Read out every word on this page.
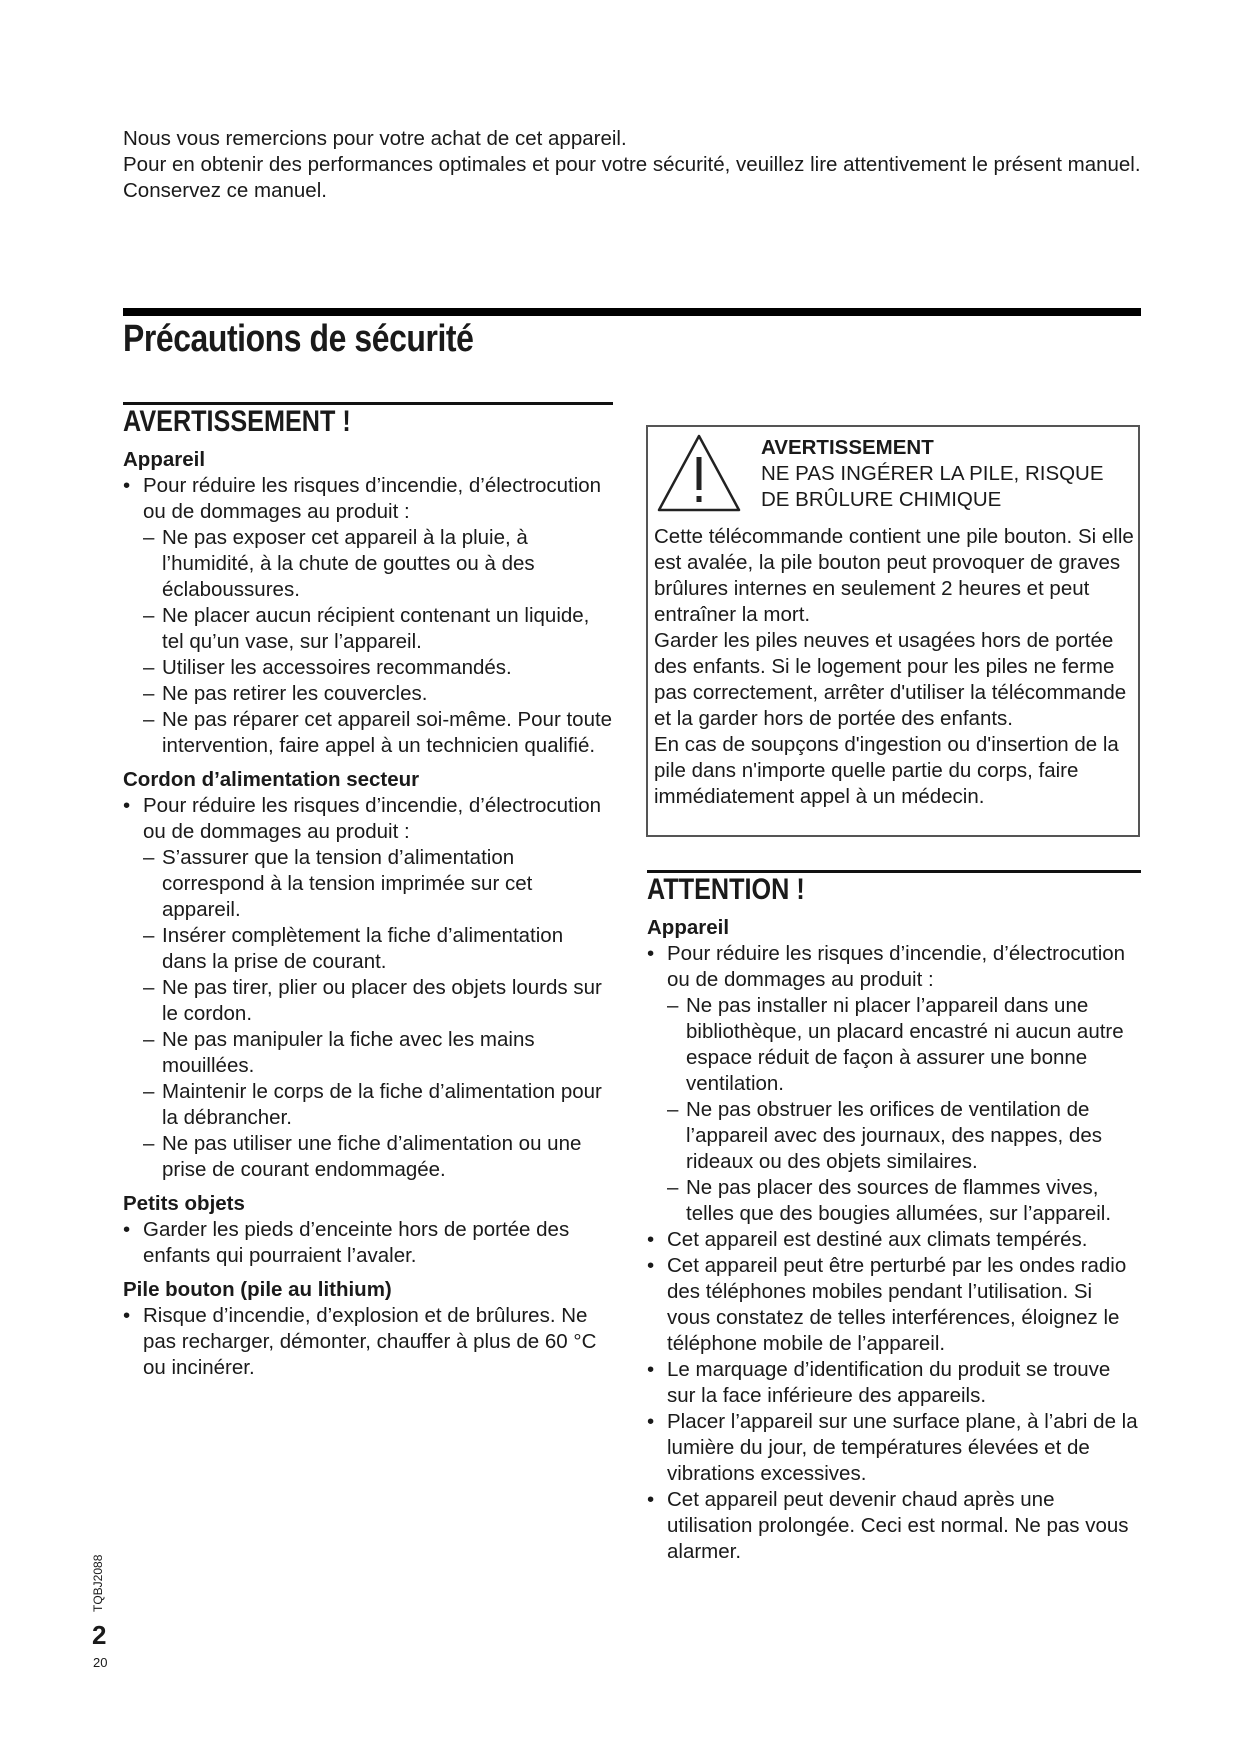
Nous vous remercions pour votre achat de cet appareil.

Pour en obtenir des performances optimales et pour votre sécurité, veuillez lire attentivement le présent manuel.

Conservez ce manuel.

Précautions de sécurité
AVERTISSEMENT !
Appareil
• Pour réduire les risques d’incendie, d’électrocution ou de dommages au produit :
– Ne pas exposer cet appareil à la pluie, à l’humidité, à la chute de gouttes ou à des éclaboussures.
– Ne placer aucun récipient contenant un liquide, tel qu’un vase, sur l’appareil.
– Utiliser les accessoires recommandés.
– Ne pas retirer les couvercles.
– Ne pas réparer cet appareil soi-même. Pour toute intervention, faire appel à un technicien qualifié.
Cordon d’alimentation secteur
• Pour réduire les risques d’incendie, d’électrocution ou de dommages au produit :
– S’assurer que la tension d’alimentation correspond à la tension imprimée sur cet appareil.
– Insérer complètement la fiche d’alimentation dans la prise de courant.
– Ne pas tirer, plier ou placer des objets lourds sur le cordon.
– Ne pas manipuler la fiche avec les mains mouillées.
– Maintenir le corps de la fiche d’alimentation pour la débrancher.
– Ne pas utiliser une fiche d’alimentation ou une prise de courant endommagée.
Petits objets
• Garder les pieds d’enceinte hors de portée des enfants qui pourraient l’avaler.
Pile bouton (pile au lithium)
• Risque d’incendie, d’explosion et de brûlures. Ne pas recharger, démonter, chauffer à plus de 60 °C ou incinérer.
AVERTISSEMENT
NE PAS INGÉRER LA PILE, RISQUE
DE BRÛLURE CHIMIQUE

Cette télécommande contient une pile bouton. Si elle est avalée, la pile bouton peut provoquer de graves brûlures internes en seulement 2 heures et peut entraîner la mort.

Garder les piles neuves et usagées hors de portée des enfants. Si le logement pour les piles ne ferme pas correctement, arrêter d'utiliser la télécommande et la garder hors de portée des enfants.

En cas de soupçons d'ingestion ou d'insertion de la pile dans n'importe quelle partie du corps, faire immédiatement appel à un médecin.

ATTENTION !
Appareil
• Pour réduire les risques d’incendie, d’électrocution ou de dommages au produit :
– Ne pas installer ni placer l’appareil dans une bibliothèque, un placard encastré ni aucun autre espace réduit de façon à assurer une bonne ventilation.
– Ne pas obstruer les orifices de ventilation de l’appareil avec des journaux, des nappes, des rideaux ou des objets similaires.
– Ne pas placer des sources de flammes vives, telles que des bougies allumées, sur l’appareil.
• Cet appareil est destiné aux climats tempérés.
• Cet appareil peut être perturbé par les ondes radio des téléphones mobiles pendant l’utilisation. Si vous constatez de telles interférences, éloignez le téléphone mobile de l’appareil.
• Le marquage d’identification du produit se trouve sur la face inférieure des appareils.
• Placer l’appareil sur une surface plane, à l’abri de la lumière du jour, de températures élevées et de vibrations excessives.
• Cet appareil peut devenir chaud après une utilisation prolongée. Ceci est normal. Ne pas vous alarmer.
TQBJ2088
2
20
